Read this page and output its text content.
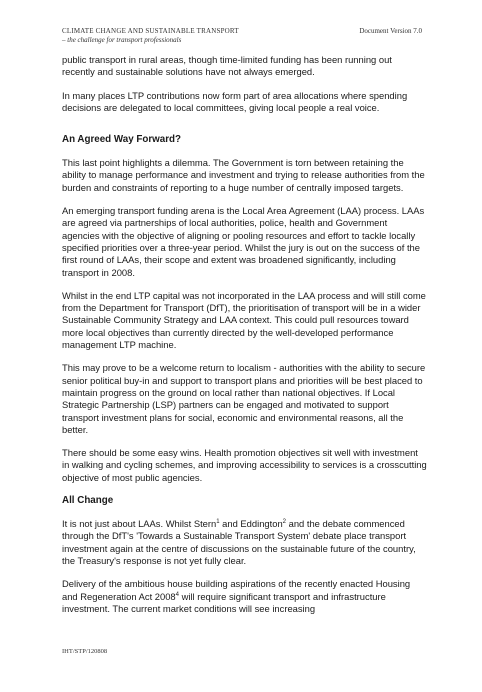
CLIMATE CHANGE AND SUSTAINABLE TRANSPORT
– the challenge for transport professionals
Document Version 7.0

public transport in rural areas, though time-limited funding has been running out recently and sustainable solutions have not always emerged.

In many places LTP contributions now form part of area allocations where spending decisions are delegated to local committees, giving local people a real voice.

An Agreed Way Forward?

This last point highlights a dilemma. The Government is torn between retaining the ability to manage performance and investment and trying to release authorities from the burden and constraints of reporting to a huge number of centrally imposed targets.

An emerging transport funding arena is the Local Area Agreement (LAA) process. LAAs are agreed via partnerships of local authorities, police, health and Government agencies with the objective of aligning or pooling resources and effort to tackle locally specified priorities over a three-year period. Whilst the jury is out on the success of the first round of LAAs, their scope and extent was broadened significantly, including transport in 2008.

Whilst in the end LTP capital was not incorporated in the LAA process and will still come from the Department for Transport (DfT), the prioritisation of transport will be in a wider Sustainable Community Strategy and LAA context. This could pull resources toward more local objectives than currently directed by the well-developed performance management LTP machine.

This may prove to be a welcome return to localism - authorities with the ability to secure senior political buy-in and support to transport plans and priorities will be best placed to maintain progress on the ground on local rather than national objectives. If Local Strategic Partnership (LSP) partners can be engaged and motivated to support transport investment plans for social, economic and environmental reasons, all the better.

There should be some easy wins. Health promotion objectives sit well with investment in walking and cycling schemes, and improving accessibility to services is a crosscutting objective of most public agencies.

All Change

It is not just about LAAs. Whilst Stern$^1$ and Eddington$^2$ and the debate commenced through the DfT's 'Towards a Sustainable Transport System' debate place transport investment again at the centre of discussions on the sustainable future of the country, the Treasury's response is not yet fully clear.

Delivery of the ambitious house building aspirations of the recently enacted Housing and Regeneration Act 2008$^4$ will require significant transport and infrastructure investment. The current market conditions will see increasing

IHT/STP/120808
